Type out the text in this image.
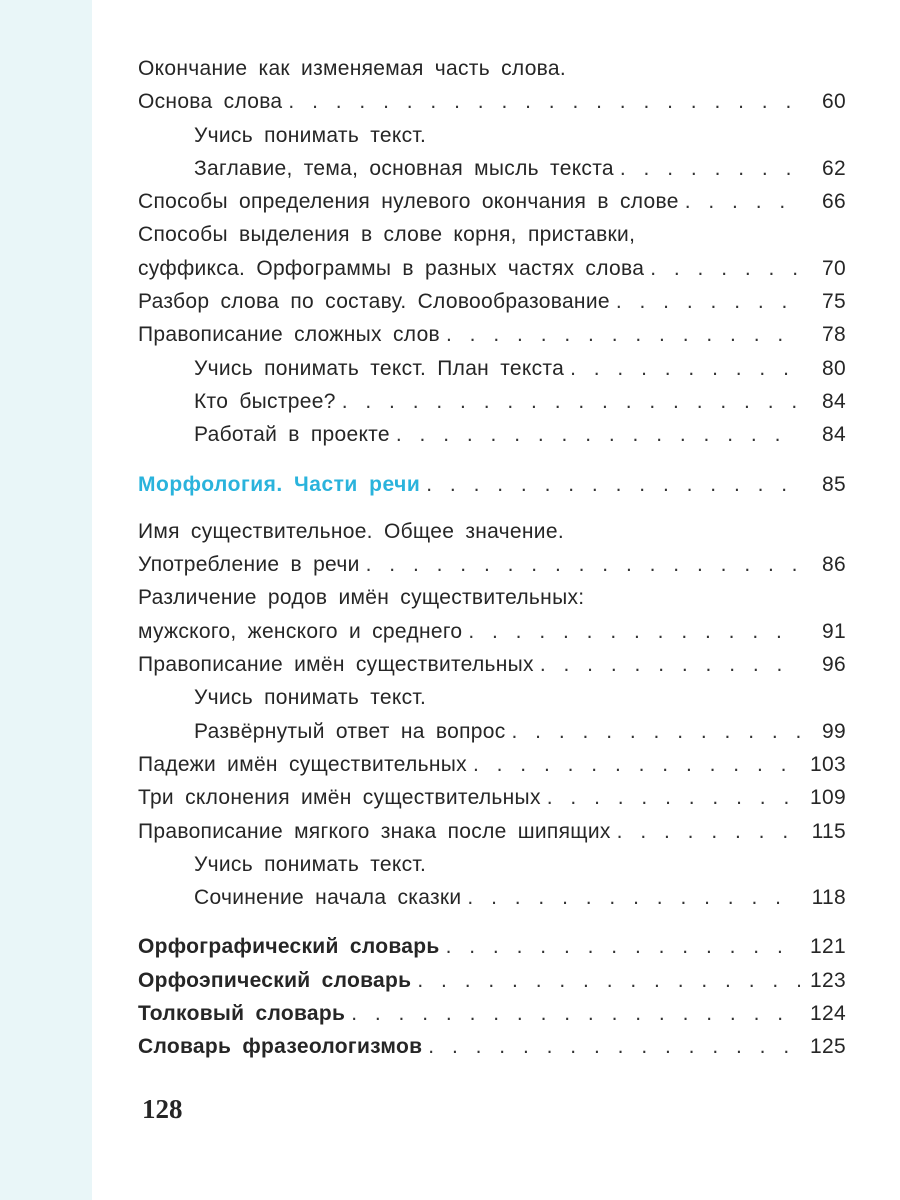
Окончание как изменяемая часть слова.
Основа слова . . .	60
Учись понимать текст.
Заглавие, тема, основная мысль текста . . .	62
Способы определения нулевого окончания в слове . . .	66
Способы выделения в слове корня, приставки,
суффикса. Орфограммы в разных частях слова . . .	70
Разбор слова по составу. Словообразование . . .	75
Правописание сложных слов . . .	78
Учись понимать текст. План текста . . .	80
Кто быстрее? . . .	84
Работай в проекте . . .	84
Морфология. Части речи . . .	85
Имя существительное. Общее значение.
Употребление в речи . . .	86
Различение родов имён существительных:
мужского, женского и среднего . . .	91
Правописание имён существительных . . .	96
Учись понимать текст.
Развёрнутый ответ на вопрос . . .	99
Падежи имён существительных . . .	103
Три склонения имён существительных . . .	109
Правописание мягкого знака после шипящих . . .	115
Учись понимать текст.
Сочинение начала сказки . . .	118
Орфографический словарь . . .	121
Орфоэпический словарь . . .	123
Толковый словарь . . .	124
Словарь фразеологизмов . . .	125
128
